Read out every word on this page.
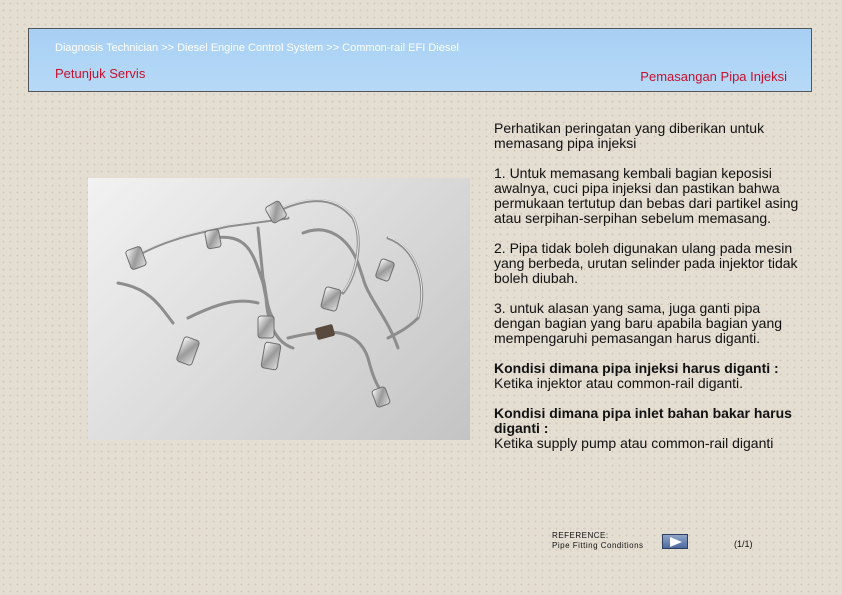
Diagnosis Technician >> Diesel Engine Control System >> Common-rail EFI Diesel
Petunjuk Servis	Pemasangan Pipa Injeksi

Perhatikan peringatan yang diberikan untuk memasang pipa injeksi

1. Untuk memasang kembali bagian keposisi awalnya, cuci pipa injeksi dan pastikan bahwa permukaan tertutup dan bebas dari partikel asing atau serpihan-serpihan sebelum memasang.

2. Pipa tidak boleh digunakan ulang pada mesin yang berbeda, urutan selinder pada injektor tidak boleh diubah.

3. untuk alasan yang sama, juga ganti pipa dengan bagian yang baru apabila bagian yang mempengaruhi pemasangan harus diganti.

Kondisi dimana pipa injeksi harus diganti :
Ketika injektor atau common-rail diganti.

Kondisi dimana pipa inlet bahan bakar harus diganti :
Ketika supply pump atau common-rail diganti

REFERENCE:
Pipe Fitting Conditions	(1/1)
